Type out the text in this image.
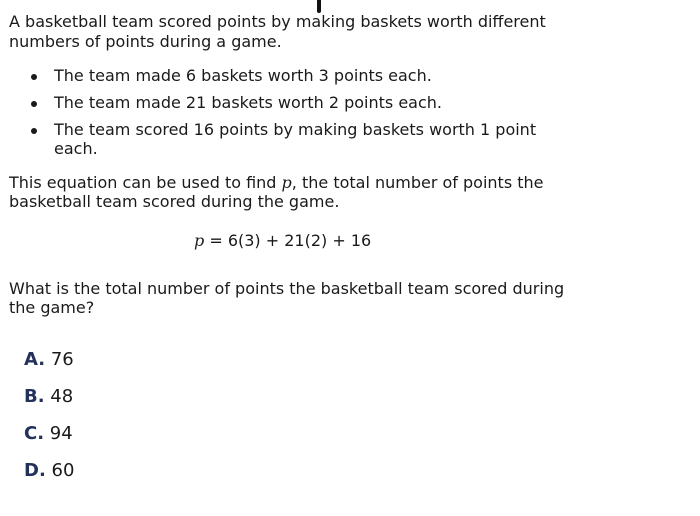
A basketball team scored points by making baskets worth different numbers of points during a game.

The team made 6 baskets worth 3 points each.
The team made 21 baskets worth 2 points each.
The team scored 16 points by making baskets worth 1 point each.

This equation can be used to find p, the total number of points the basketball team scored during the game.

p = 6(3) + 21(2) + 16

What is the total number of points the basketball team scored during the game?

A. 76
B. 48
C. 94
D. 60
